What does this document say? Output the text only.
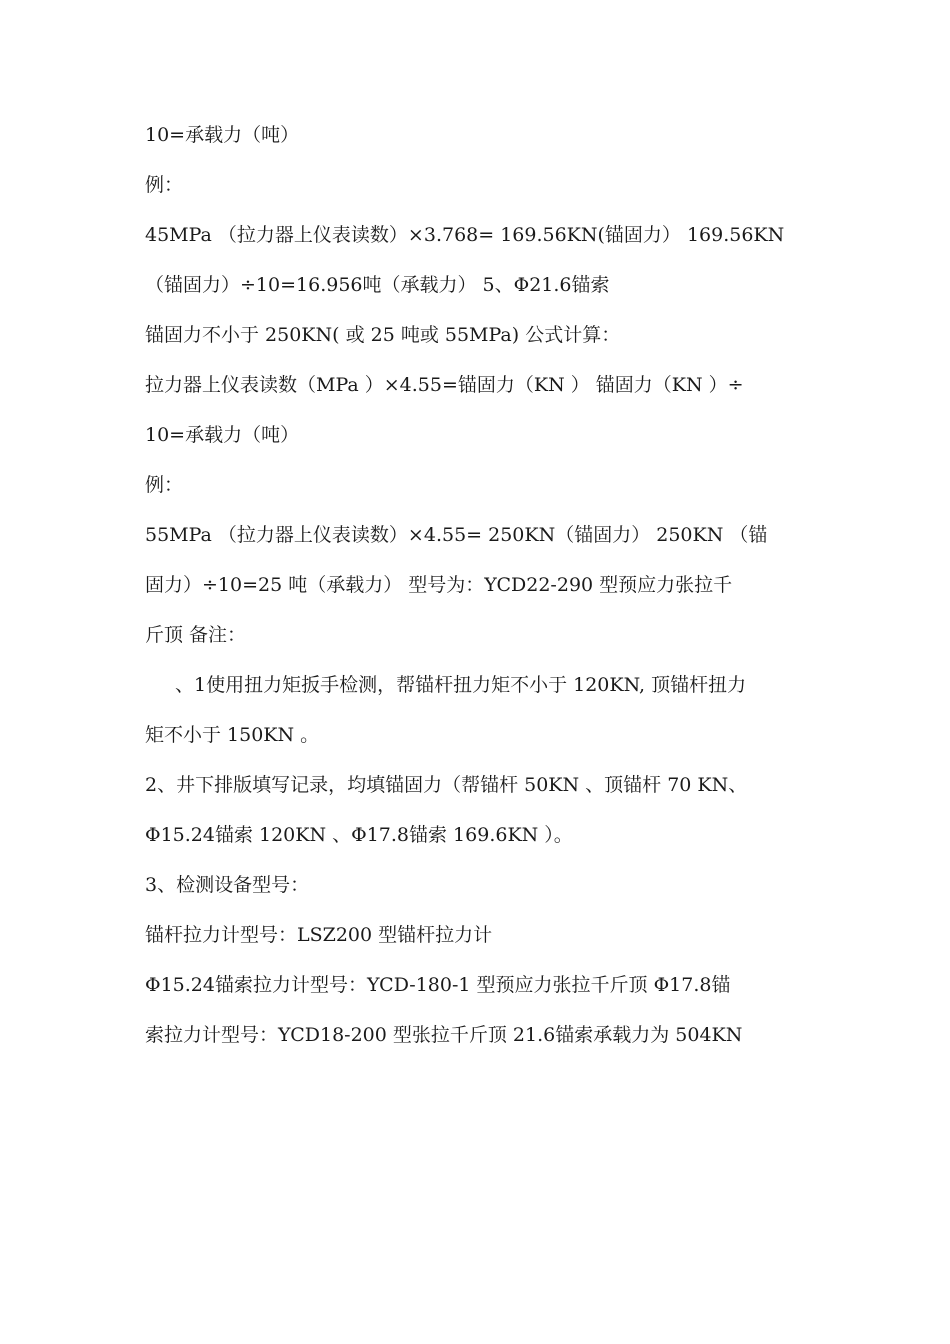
10=承载力（吨）
例：
45MPa （拉力器上仪表读数）×3.768= 169.56KN(锚固力） 169.56KN
（锚固力）÷10=16.956吨（承载力） 5、Φ21.6锚索
锚固力不小于 250KN( 或 25 吨或 55MPa) 公式计算：
拉力器上仪表读数（MPa ）×4.55=锚固力（KN ） 锚固力（KN ）÷
10=承载力（吨）
例：
55MPa （拉力器上仪表读数）×4.55= 250KN（锚固力） 250KN （锚
固力）÷10=25 吨（承载力） 型号为：YCD22-290 型预应力张拉千
斤顶 备注：
、1使用扭力矩扳手检测，帮锚杆扭力矩不小于 120KN, 顶锚杆扭力
矩不小于 150KN 。
2、井下排版填写记录，均填锚固力（帮锚杆 50KN 、顶锚杆 70 KN、
Φ15.24锚索 120KN 、Φ17.8锚索 169.6KN ）。
3、检测设备型号：
锚杆拉力计型号：LSZ200 型锚杆拉力计
Φ15.24锚索拉力计型号：YCD-180-1 型预应力张拉千斤顶 Φ17.8锚
索拉力计型号：YCD18-200 型张拉千斤顶 21.6锚索承载力为 504KN
